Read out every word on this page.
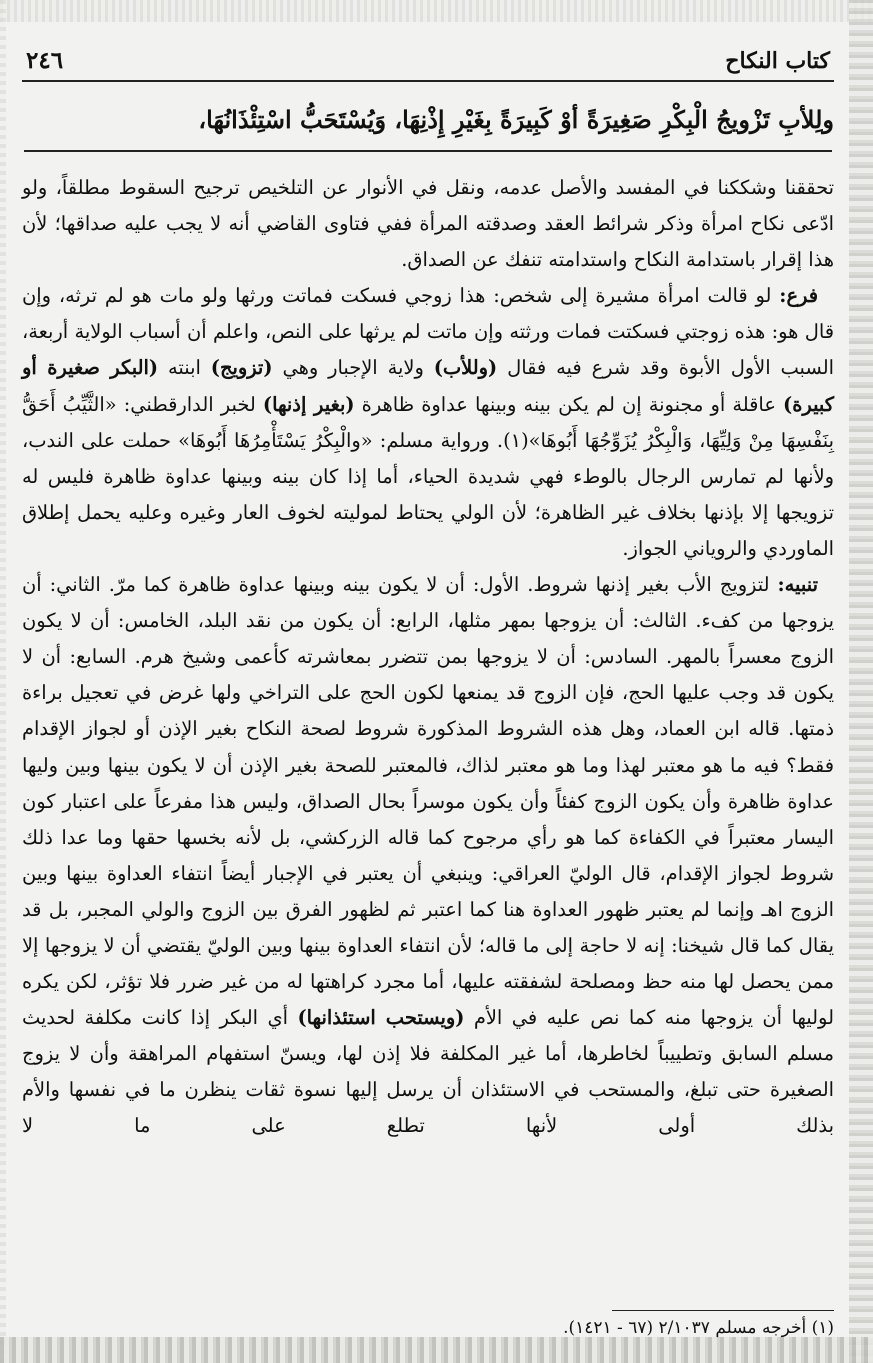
كتاب النكاح
٢٤٦
ولِلأبِ تَزْويجُ الْبِكْرِ صَغِيرَةً أوْ كَبِيرَةً بِغَيْرِ إِذْنِهَا، وَيُسْتَحَبُّ اسْتِئْذَانُهَا،

تحققنا وشككنا في المفسد والأصل عدمه، ونقل في الأنوار عن التلخيص ترجيح السقوط مطلقاً، ولو ادّعى نكاح امرأة وذكر شرائط العقد وصدقته المرأة ففي فتاوى القاضي أنه لا يجب عليه صداقها؛ لأن هذا إقرار باستدامة النكاح واستدامته تنفك عن الصداق.

فرع: لو قالت امرأة مشيرة إلى شخص: هذا زوجي فسكت فماتت ورثها ولو مات هو لم ترثه، وإن قال هو: هذه زوجتي فسكتت فمات ورثته وإن ماتت لم يرثها على النص، واعلم أن أسباب الولاية أربعة، السبب الأول الأبوة وقد شرع فيه فقال (وللأب) ولاية الإجبار وهي (تزويج) ابنته (البكر صغيرة أو كبيرة) عاقلة أو مجنونة إن لم يكن بينه وبينها عداوة ظاهرة (بغير إذنها) لخبر الدارقطني: «الثَّيِّبُ أَحَقُّ بِنَفْسِهَا مِنْ وَلِيِّهَا، وَالْبِكْرُ يُزَوِّجُهَا أَبُوهَا»(١). ورواية مسلم: «والْبِكْرُ يَسْتَأْمِرُهَا أَبُوهَا» حملت على الندب، ولأنها لم تمارس الرجال بالوطء فهي شديدة الحياء، أما إذا كان بينه وبينها عداوة ظاهرة فليس له تزويجها إلا بإذنها بخلاف غير الظاهرة؛ لأن الولي يحتاط لموليته لخوف العار وغيره وعليه يحمل إطلاق الماوردي والروياني الجواز.

تنبيه: لتزويج الأب بغير إذنها شروط. الأول: أن لا يكون بينه وبينها عداوة ظاهرة كما مرّ. الثاني: أن يزوجها من كفء. الثالث: أن يزوجها بمهر مثلها، الرابع: أن يكون من نقد البلد، الخامس: أن لا يكون الزوج معسراً بالمهر. السادس: أن لا يزوجها بمن تتضرر بمعاشرته كأعمى وشيخ هرم. السابع: أن لا يكون قد وجب عليها الحج، فإن الزوج قد يمنعها لكون الحج على التراخي ولها غرض في تعجيل براءة ذمتها. قاله ابن العماد، وهل هذه الشروط المذكورة شروط لصحة النكاح بغير الإذن أو لجواز الإقدام فقط؟ فيه ما هو معتبر لهذا وما هو معتبر لذاك، فالمعتبر للصحة بغير الإذن أن لا يكون بينها وبين وليها عداوة ظاهرة وأن يكون الزوج كفئاً وأن يكون موسراً بحال الصداق، وليس هذا مفرعاً على اعتبار كون اليسار معتبراً في الكفاءة كما هو رأي مرجوح كما قاله الزركشي، بل لأنه بخسها حقها وما عدا ذلك شروط لجواز الإقدام، قال الوليّ العراقي: وينبغي أن يعتبر في الإجبار أيضاً انتفاء العداوة بينها وبين الزوج اهـ وإنما لم يعتبر ظهور العداوة هنا كما اعتبر ثم لظهور الفرق بين الزوج والولي المجبر، بل قد يقال كما قال شيخنا: إنه لا حاجة إلى ما قاله؛ لأن انتفاء العداوة بينها وبين الوليّ يقتضي أن لا يزوجها إلا ممن يحصل لها منه حظ ومصلحة لشفقته عليها، أما مجرد كراهتها له من غير ضرر فلا تؤثر، لكن يكره لوليها أن يزوجها منه كما نص عليه في الأم (ويستحب استئذانها) أي البكر إذا كانت مكلفة لحديث مسلم السابق وتطييباً لخاطرها، أما غير المكلفة فلا إذن لها، ويسنّ استفهام المراهقة وأن لا يزوج الصغيرة حتى تبلغ، والمستحب في الاستئذان أن يرسل إليها نسوة ثقات ينظرن ما في نفسها والأم بذلك أولى لأنها تطلع على ما لا

(١) أخرجه مسلم ٢/١٠٣٧ (٦٧ - ١٤٢١).
